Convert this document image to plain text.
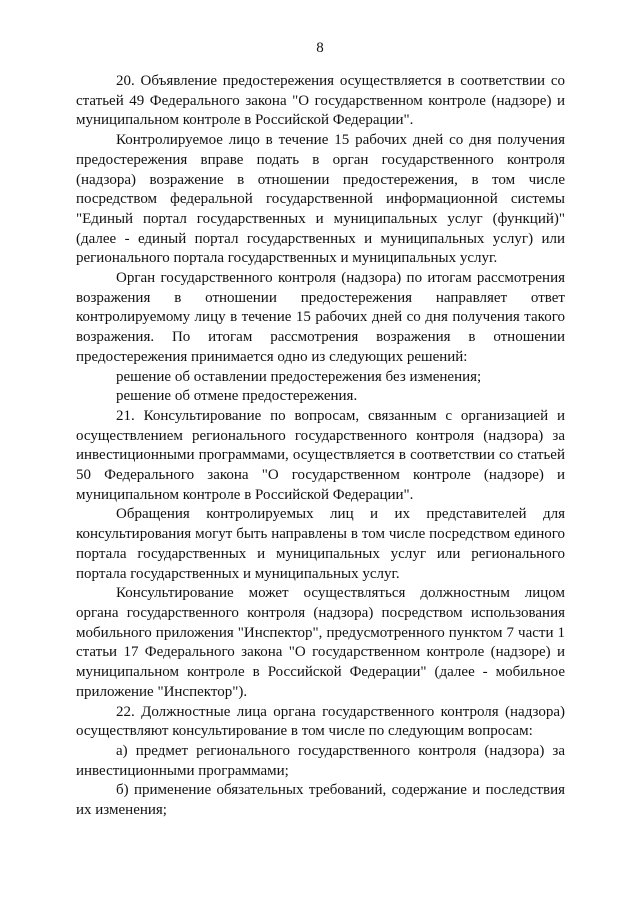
8

20. Объявление предостережения осуществляется в соответствии со статьей 49 Федерального закона "О государственном контроле (надзоре) и муниципальном контроле в Российской Федерации".

Контролируемое лицо в течение 15 рабочих дней со дня получения предостережения вправе подать в орган государственного контроля (надзора) возражение в отношении предостережения, в том числе посредством федеральной государственной информационной системы "Единый портал государственных и муниципальных услуг (функций)" (далее - единый портал государственных и муниципальных услуг) или регионального портала государственных и муниципальных услуг.

Орган государственного контроля (надзора) по итогам рассмотрения возражения в отношении предостережения направляет ответ контролируемому лицу в течение 15 рабочих дней со дня получения такого возражения. По итогам рассмотрения возражения в отношении предостережения принимается одно из следующих решений:

решение об оставлении предостережения без изменения;

решение об отмене предостережения.

21. Консультирование по вопросам, связанным с организацией и осуществлением регионального государственного контроля (надзора) за инвестиционными программами, осуществляется в соответствии со статьей 50 Федерального закона "О государственном контроле (надзоре) и муниципальном контроле в Российской Федерации".

Обращения контролируемых лиц и их представителей для консультирования могут быть направлены в том числе посредством единого портала государственных и муниципальных услуг или регионального портала государственных и муниципальных услуг.

Консультирование может осуществляться должностным лицом органа государственного контроля (надзора) посредством использования мобильного приложения "Инспектор", предусмотренного пунктом 7 части 1 статьи 17 Федерального закона "О государственном контроле (надзоре) и муниципальном контроле в Российской Федерации" (далее - мобильное приложение "Инспектор").

22. Должностные лица органа государственного контроля (надзора) осуществляют консультирование в том числе по следующим вопросам:

а) предмет регионального государственного контроля (надзора) за инвестиционными программами;

б) применение обязательных требований, содержание и последствия их изменения;
